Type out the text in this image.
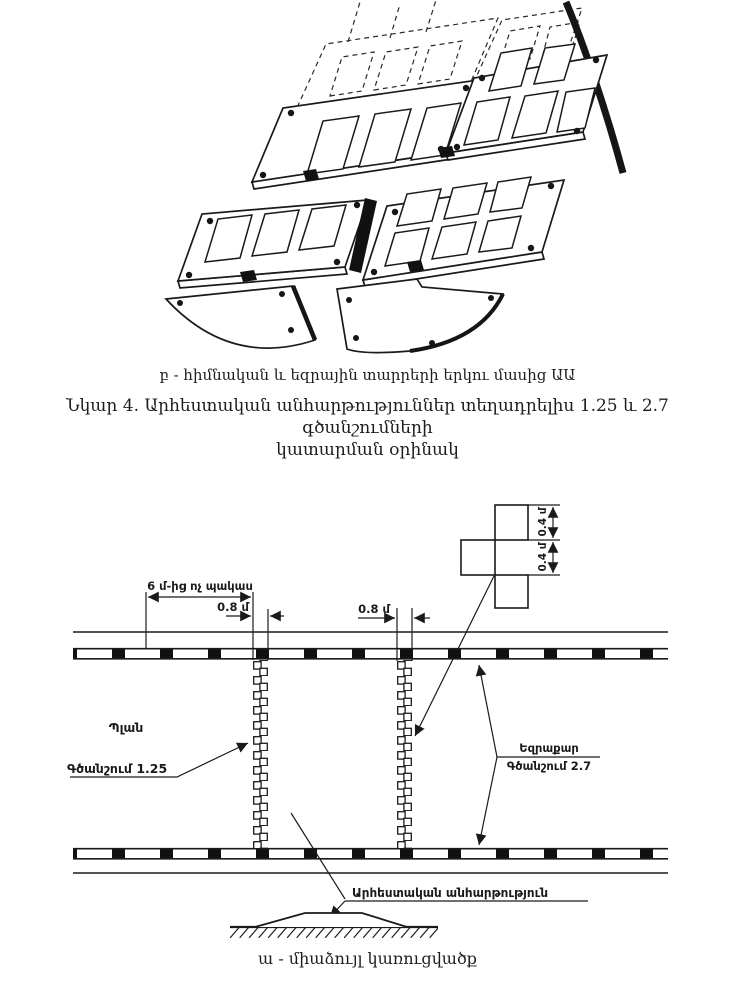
բ - հիմնական և եզրային տարրերի երկու մասից ԱԱ
Նկար 4. Արհեստական անհարթություններ տեղադրելիս 1.25 և 2.7 գծանշումների
կատարման օրինակ
0.4 մ
0.4 մ
6 մ-ից ոչ պակաս
0.8 մ	0.8 մ
Պլան
Գծանշում 1.25
Եզրաքար
Գծանշում 2.7
Արհեստական անհարթություն
ա - միաձույլ կառուցվածք
